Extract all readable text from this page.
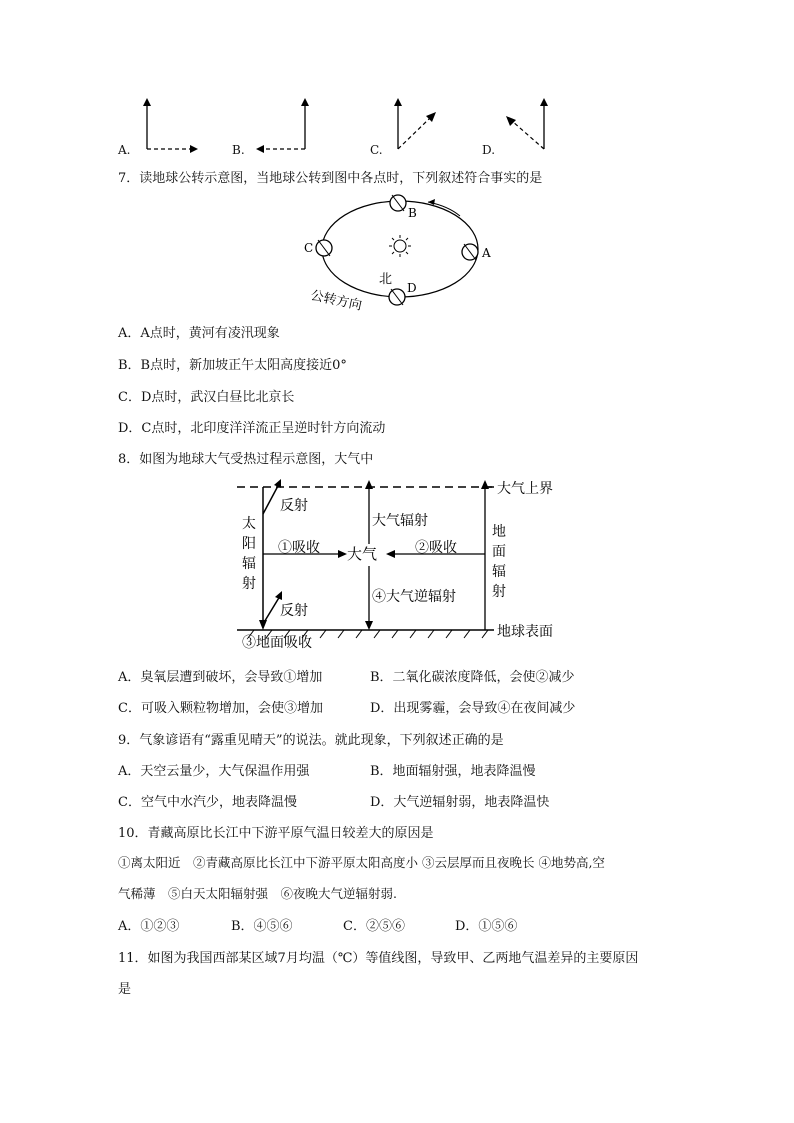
A.	B.	C.	D.
7．读地球公转示意图，当地球公转到图中各点时，下列叙述符合事实的是
B
A
C
D
北
公转方向
A．A点时，黄河有凌汛现象
B．B点时，新加坡正午太阳高度接近0°
C．D点时，武汉白昼比北京长
D．C点时，北印度洋洋流正呈逆时针方向流动
8．如图为地球大气受热过程示意图，大气中
大气上界
地球表面
反射
反射
大气辐射
①吸收	②吸收
大气
④大气逆辐射
③地面吸收
太
阳
辐
射
地
面
辐
射
A．臭氧层遭到破坏，会导致①增加	B．二氧化碳浓度降低，会使②减少
C．可吸入颗粒物增加，会使③增加	D．出现雾霾，会导致④在夜间减少
9．气象谚语有“露重见晴天”的说法。就此现象，下列叙述正确的是
A．天空云量少，大气保温作用强	B．地面辐射强，地表降温慢
C．空气中水汽少，地表降温慢	D．大气逆辐射弱，地表降温快
10．青藏高原比长江中下游平原气温日较差大的原因是
①离太阳近　②青藏高原比长江中下游平原太阳高度小 ③云层厚而且夜晚长 ④地势高,空
气稀薄　⑤白天太阳辐射强　⑥夜晚大气逆辐射弱.
A．①②③	B．④⑤⑥	C．②⑤⑥	D．①⑤⑥
11．如图为我国西部某区域7月均温（℃）等值线图，导致甲、乙两地气温差异的主要原因
是
